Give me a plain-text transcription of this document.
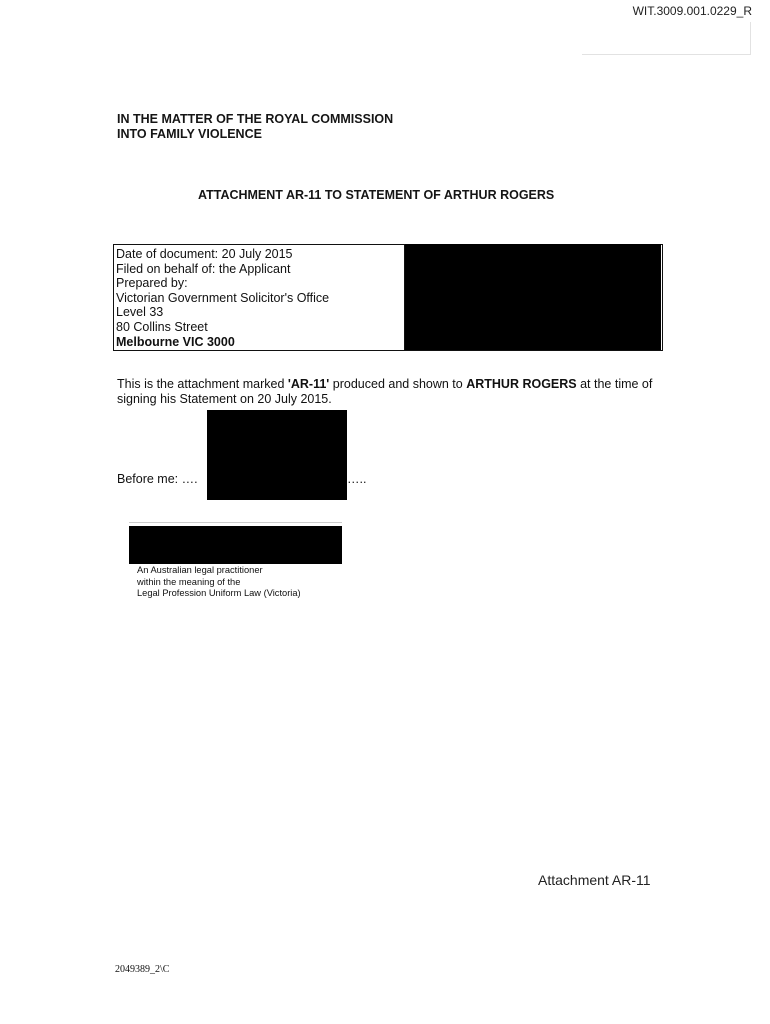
WIT.3009.001.0229_R
IN THE MATTER OF THE ROYAL COMMISSION
INTO FAMILY VIOLENCE
ATTACHMENT AR-11 TO STATEMENT OF ARTHUR ROGERS
Date of document: 20 July 2015
Filed on behalf of: the Applicant
Prepared by:
Victorian Government Solicitor's Office
Level 33
80 Collins Street
Melbourne VIC 3000
This is the attachment marked 'AR-11' produced and shown to ARTHUR ROGERS at the time of signing his Statement on 20 July 2015.
Before me: ….	…..
An Australian legal practitioner
within the meaning of the
Legal Profession Uniform Law (Victoria)
Attachment AR-11
2049389_2\C
